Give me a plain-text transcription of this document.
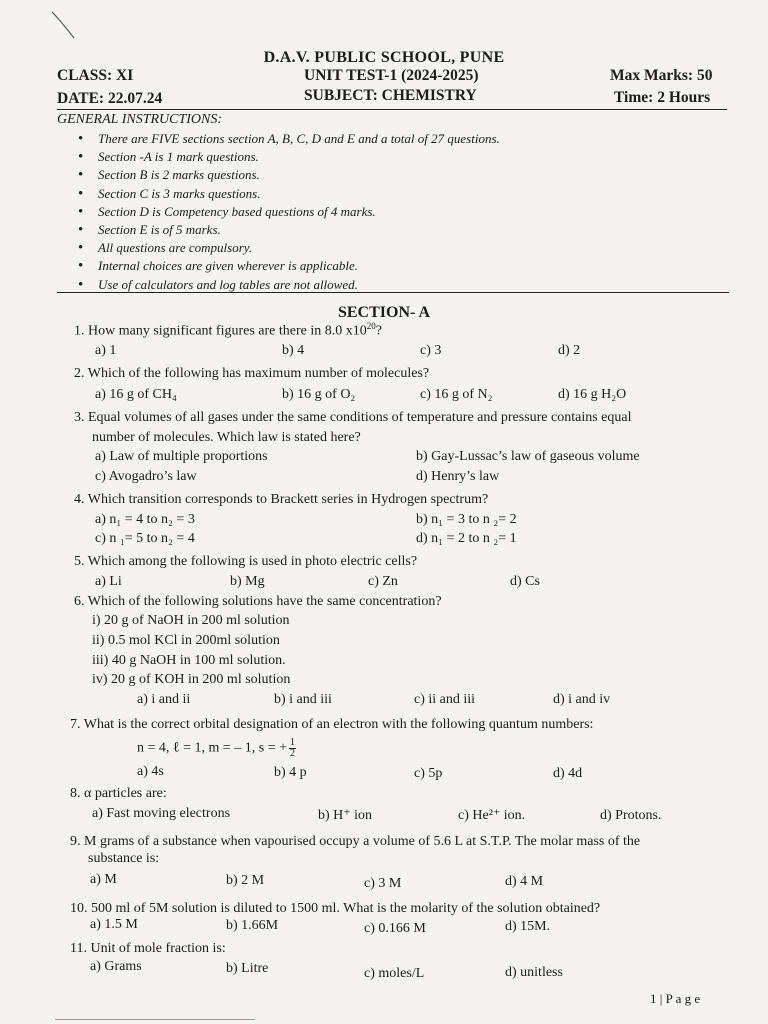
D.A.V. PUBLIC SCHOOL, PUNE
CLASS: XI	UNIT TEST-1 (2024-2025)	Max Marks: 50
DATE: 22.07.24	SUBJECT: CHEMISTRY	Time: 2 Hours
GENERAL INSTRUCTIONS:
• There are FIVE sections section A, B, C, D and E and a total of 27 questions.
• Section -A is 1 mark questions.
• Section B is 2 marks questions.
• Section C is 3 marks questions.
• Section D is Competency based questions of 4 marks.
• Section E is of 5 marks.
• All questions are compulsory.
• Internal choices are given wherever is applicable.
• Use of calculators and log tables are not allowed.
SECTION- A
1. How many significant figures are there in 8.0 $x10^{20}$?
a) 1	b) 4	c) 3	d) 2
2. Which of the following has maximum number of molecules?
a) 16 g of CH₄	b) 16 g of O₂	c) 16 g of N₂	d) 16 g H₂O
3. Equal volumes of all gases under the same conditions of temperature and pressure contains equal
number of molecules. Which law is stated here?
a) Law of multiple proportions	b) Gay-Lussac’s law of gaseous volume
c) Avogadro’s law	d) Henry’s law
4. Which transition corresponds to Brackett series in Hydrogen spectrum?
a) n₁ = 4 to n₂ = 3	b) n₁ = 3 to n ₂= 2
c) n ₁= 5 to n₂ = 4	d) n₁ = 2 to n ₂= 1
5. Which among the following is used in photo electric cells?
a) Li	b) Mg	c) Zn	d) Cs
6. Which of the following solutions have the same concentration?
i) 20 g of NaOH in 200 ml solution
ii) 0.5 mol KCl in 200ml solution
iii) 40 g NaOH in 100 ml solution.
iv) 20 g of KOH in 200 ml solution
a) i and ii	b) i and iii	c) ii and iii	d) i and iv
7. What is the correct orbital designation of an electron with the following quantum numbers:
n = 4, ℓ = 1, m = – 1, s = + $\frac{1}{2}$
a) 4s	b) 4 p	c) 5p	d) 4d
8. α particles are:
a) Fast moving electrons	b) H⁺ ion	c) He²⁺ ion.	d) Protons.
9. M grams of a substance when vapourised occupy a volume of 5.6 L at S.T.P. The molar mass of the
substance is:
a) M	b) 2 M	c) 3 M	d) 4 M
10. 500 ml of 5M solution is diluted to 1500 ml. What is the molarity of the solution obtained?
a) 1.5 M	b) 1.66M	c) 0.166 M	d) 15M.
11. Unit of mole fraction is:
a) Grams	b) Litre	c) moles/L	d) unitless
1 | P a g e
